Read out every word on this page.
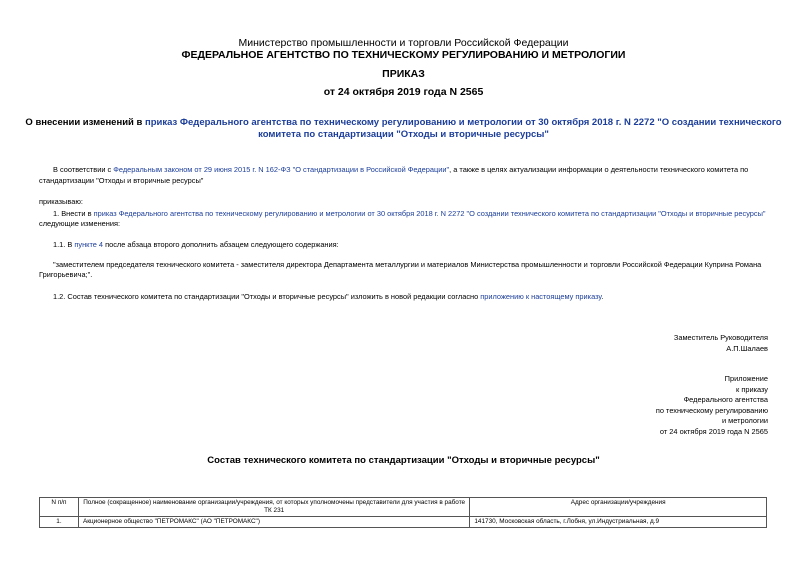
Министерство промышленности и торговли Российской Федерации
ФЕДЕРАЛЬНОЕ АГЕНТСТВО ПО ТЕХНИЧЕСКОМУ РЕГУЛИРОВАНИЮ И МЕТРОЛОГИИ
ПРИКАЗ
от 24 октября 2019 года N 2565
О внесении изменений в приказ Федерального агентства по техническому регулированию и метрологии от 30 октября 2018 г. N 2272 "О создании технического
комитета по стандартизации "Отходы и вторичные ресурсы"
В соответствии с Федеральным законом от 29 июня 2015 г. N 162-ФЗ "О стандартизации в Российской Федерации", а также в целях актуализации информации о деятельности технического комитета по
стандартизации "Отходы и вторичные ресурсы"
приказываю:
1. Внести в приказ Федерального агентства по техническому регулированию и метрологии от 30 октября 2018 г. N 2272 "О создании технического комитета по стандартизации "Отходы и вторичные ресурсы"
следующие изменения:
1.1. В пункте 4 после абзаца второго дополнить абзацем следующего содержания:
"заместителем председателя технического комитета - заместителя директора Департамента металлургии и материалов Министерства промышленности и торговли Российской Федерации Куприна Романа
Григорьевича;".
1.2. Состав технического комитета по стандартизации "Отходы и вторичные ресурсы" изложить в новой редакции согласно приложению к настоящему приказу.
Заместитель Руководителя
А.П.Шалаев
Приложение
к приказу
Федерального агентства
по техническому регулированию
и метрологии
от 24 октября 2019 года N 2565
Состав технического комитета по стандартизации "Отходы и вторичные ресурсы"
N п/п	Полное (сокращенное) наименование организации/учреждения, от которых уполномочены представители для участия в работе ТК 231	Адрес организации/учреждения
1.	Акционерное общество "ПЕТРОМАКС" (АО "ПЕТРОМАКС")	141730, Московская область, г.Лобня, ул.Индустриальная, д.9
